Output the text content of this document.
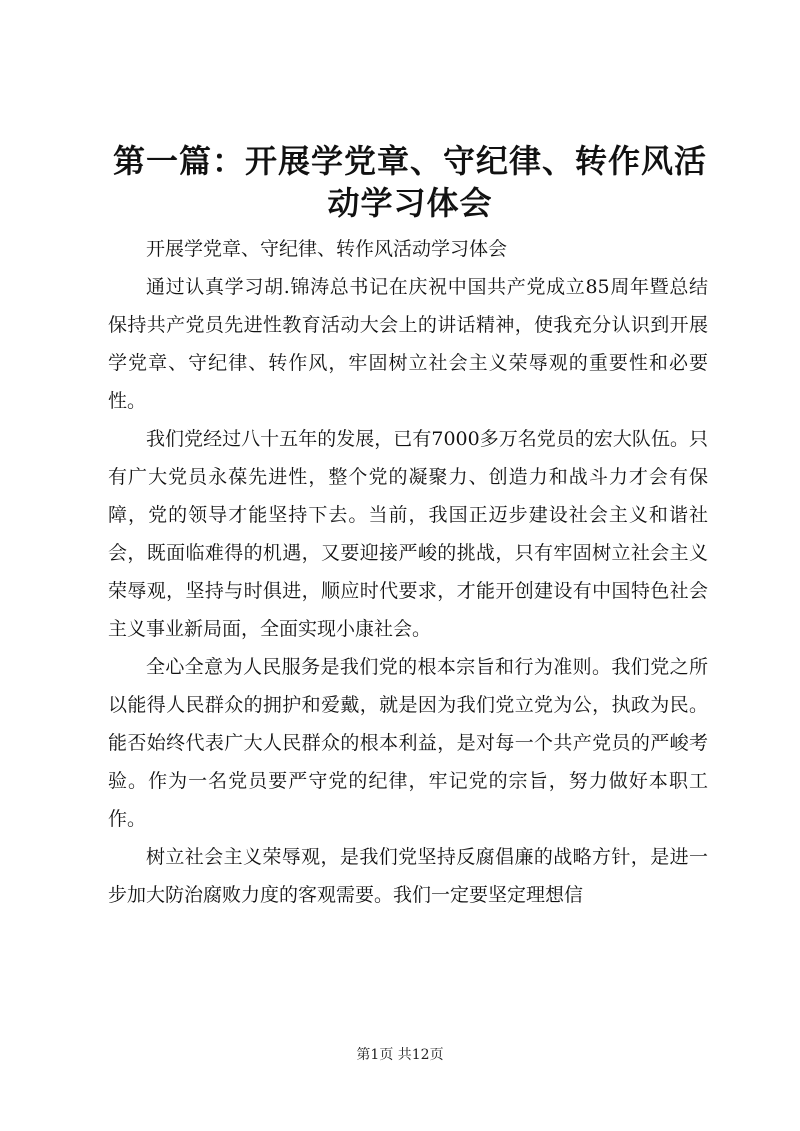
第一篇：开展学党章、守纪律、转作风活动学习体会

开展学党章、守纪律、转作风活动学习体会

通过认真学习胡.锦涛总书记在庆祝中国共产党成立85周年暨总结保持共产党员先进性教育活动大会上的讲话精神，使我充分认识到开展学党章、守纪律、转作风，牢固树立社会主义荣辱观的重要性和必要性。

我们党经过八十五年的发展，已有7000多万名党员的宏大队伍。只有广大党员永葆先进性，整个党的凝聚力、创造力和战斗力才会有保障，党的领导才能坚持下去。当前，我国正迈步建设社会主义和谐社会，既面临难得的机遇，又要迎接严峻的挑战，只有牢固树立社会主义荣辱观，坚持与时俱进，顺应时代要求，才能开创建设有中国特色社会主义事业新局面，全面实现小康社会。

全心全意为人民服务是我们党的根本宗旨和行为准则。我们党之所以能得人民群众的拥护和爱戴，就是因为我们党立党为公，执政为民。能否始终代表广大人民群众的根本利益，是对每一个共产党员的严峻考验。作为一名党员要严守党的纪律，牢记党的宗旨，努力做好本职工作。

树立社会主义荣辱观，是我们党坚持反腐倡廉的战略方针，是进一步加大防治腐败力度的客观需要。我们一定要坚定理想信

第1页 共12页
